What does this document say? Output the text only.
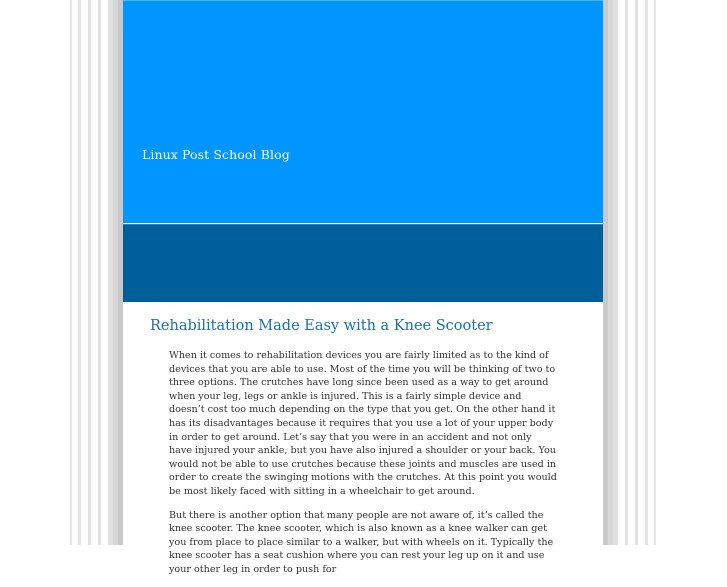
Linux Post School Blog
Rehabilitation Made Easy with a Knee Scooter

When it comes to rehabilitation devices you are fairly limited as to the kind of devices that you are able to use. Most of the time you will be thinking of two to three options. The crutches have long since been used as a way to get around when your leg, legs or ankle is injured. This is a fairly simple device and doesn’t cost too much depending on the type that you get. On the other hand it has its disadvantages because it requires that you use a lot of your upper body in order to get around. Let’s say that you were in an accident and not only have injured your ankle, but you have also injured a shoulder or your back. You would not be able to use crutches because these joints and muscles are used in order to create the swinging motions with the crutches. At this point you would be most likely faced with sitting in a wheelchair to get around.

But there is another option that many people are not aware of, it’s called the knee scooter. The knee scooter, which is also known as a knee walker can get you from place to place similar to a walker, but with wheels on it. Typically the knee scooter has a seat cushion where you can rest your leg up on it and use your other leg in order to push for
